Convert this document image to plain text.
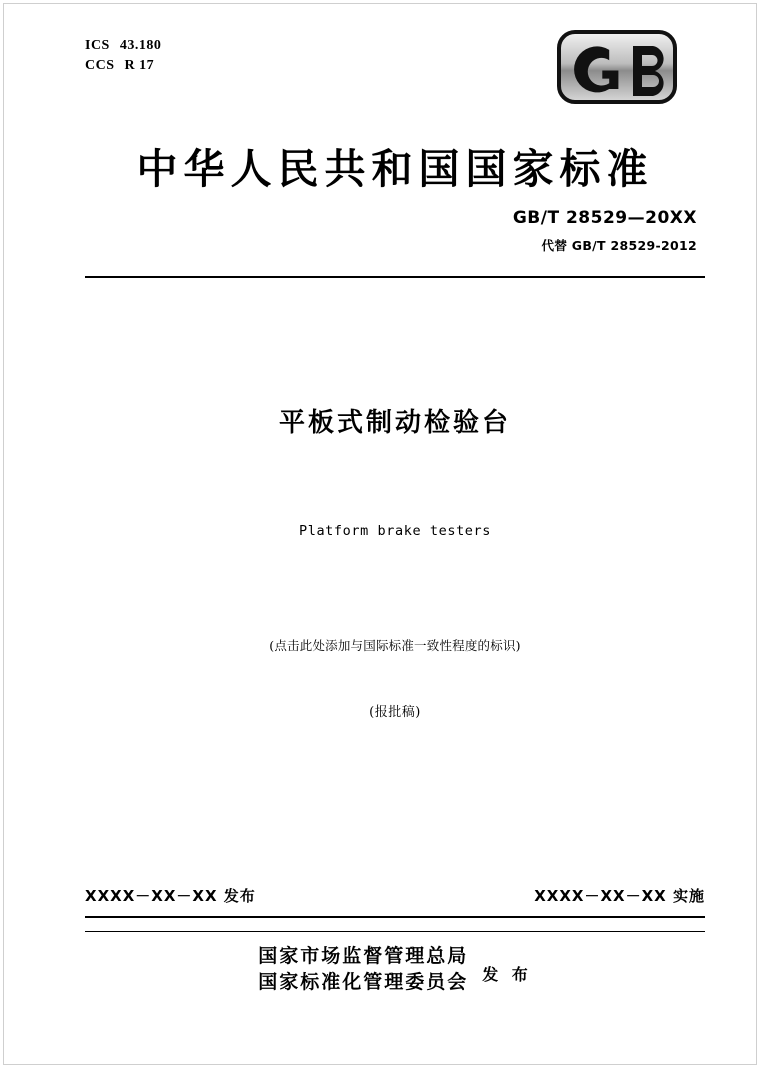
ICS 43.180
CCS R 17
中华人民共和国国家标准
GB/T 28529—20XX
代替 GB/T 28529-2012
平板式制动检验台
Platform brake testers
(点击此处添加与国际标准一致性程度的标识)
(报批稿)
XXXX－XX－XX 发布	XXXX－XX－XX 实施
国家市场监督管理总局
国家标准化管理委员会 发 布
